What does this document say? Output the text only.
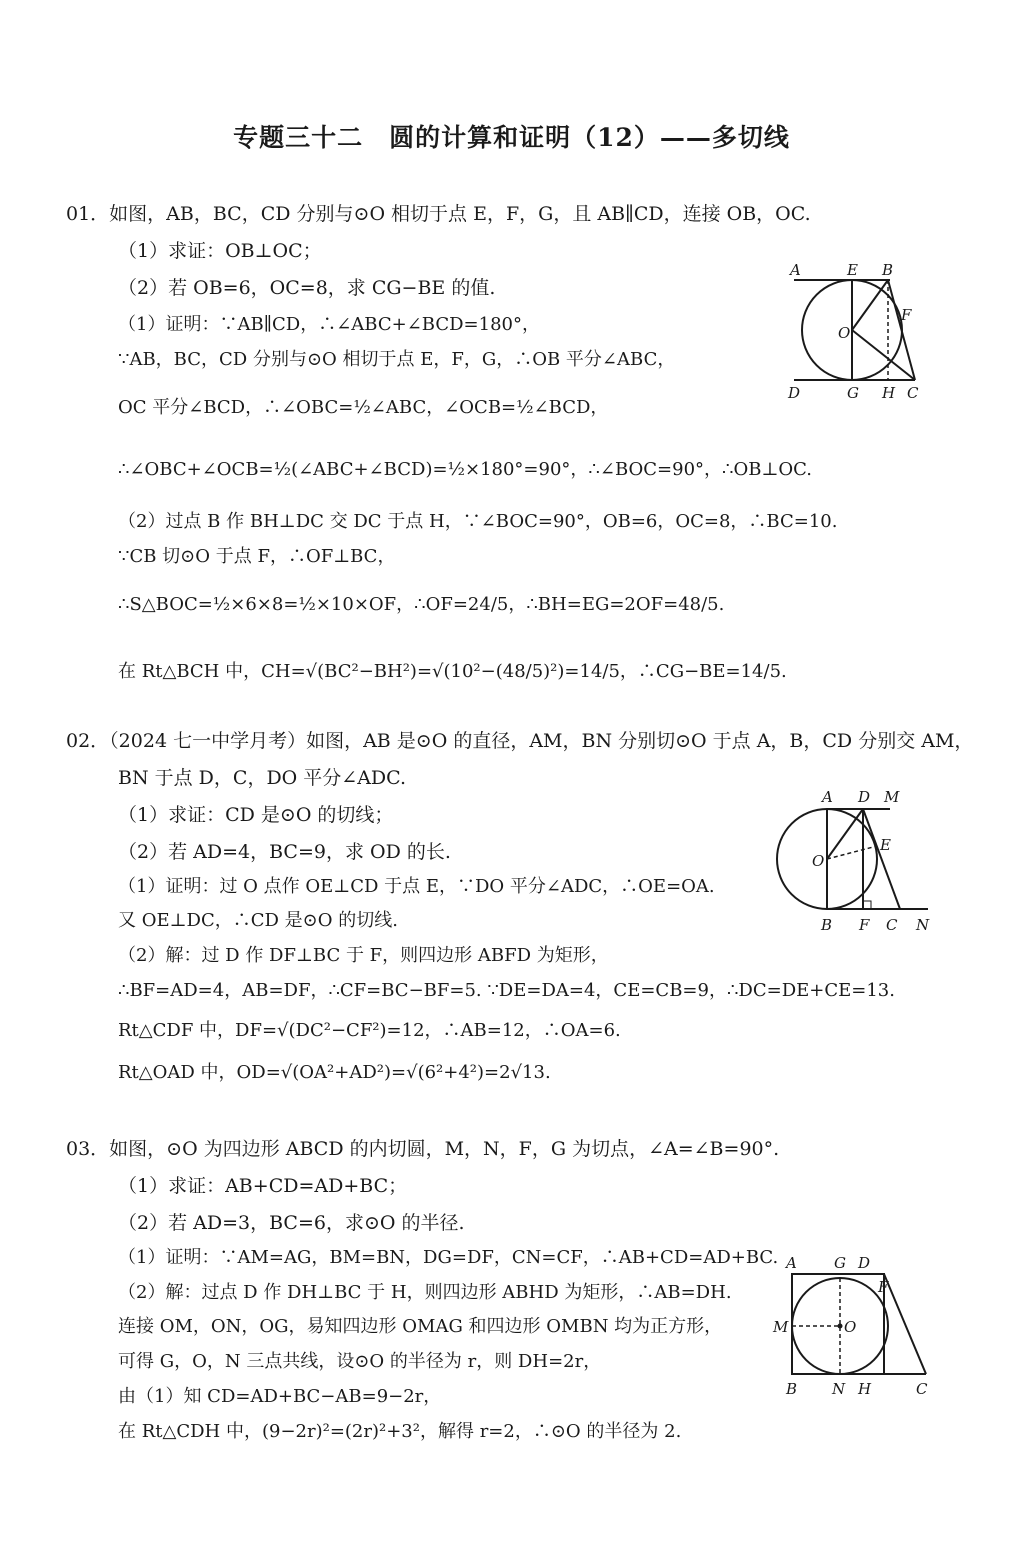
专题三十二　圆的计算和证明（12）——多切线
01．如图，AB，BC，CD 分别与⊙O 相切于点 E，F，G，且 AB∥CD，连接 OB，OC.
（1）求证：OB⊥OC；
（2）若 OB=6，OC=8，求 CG−BE 的值.
（1）证明：∵AB∥CD，∴∠ABC+∠BCD=180°，
∵AB，BC，CD 分别与⊙O 相切于点 E，F，G，∴OB 平分∠ABC，
OC 平分∠BCD，∴∠OBC=½∠ABC，∠OCB=½∠BCD，
∴∠OBC+∠OCB=½(∠ABC+∠BCD)=½×180°=90°，∴∠BOC=90°，∴OB⊥OC.
（2）过点 B 作 BH⊥DC 交 DC 于点 H，∵∠BOC=90°，OB=6，OC=8，∴BC=10.
∵CB 切⊙O 于点 F，∴OF⊥BC，
∴S△BOC=½×6×8=½×10×OF，∴OF=24/5，∴BH=EG=2OF=48/5.
在 Rt△BCH 中，CH=√(BC²−BH²)=√(10²−(48/5)²)=14/5，∴CG−BE=14/5.
A	E B
F
O
D	G H C
02．（2024 七一中学月考）如图，AB 是⊙O 的直径，AM，BN 分别切⊙O 于点 A，B，CD 分别交 AM，
BN 于点 D，C，DO 平分∠ADC.
（1）求证：CD 是⊙O 的切线；
（2）若 AD=4，BC=9，求 OD 的长.
（1）证明：过 O 点作 OE⊥CD 于点 E，∵DO 平分∠ADC，∴OE=OA.
又 OE⊥DC，∴CD 是⊙O 的切线.
（2）解：过 D 作 DF⊥BC 于 F，则四边形 ABFD 为矩形，
∴BF=AD=4，AB=DF，∴CF=BC−BF=5. ∵DE=DA=4，CE=CB=9，∴DC=DE+CE=13.
Rt△CDF 中，DF=√(DC²−CF²)=12，∴AB=12，∴OA=6.
Rt△OAD 中，OD=√(OA²+AD²)=√(6²+4²)=2√13.
A D M
O
E
B F C N
03．如图，⊙O 为四边形 ABCD 的内切圆，M，N，F，G 为切点，∠A=∠B=90°.
（1）求证：AB+CD=AD+BC；
（2）若 AD=3，BC=6，求⊙O 的半径.
（1）证明：∵AM=AG，BM=BN，DG=DF，CN=CF，∴AB+CD=AD+BC.
（2）解：过点 D 作 DH⊥BC 于 H，则四边形 ABHD 为矩形，∴AB=DH.
连接 OM，ON，OG，易知四边形 OMAG 和四边形 OMBN 均为正方形，
可得 G，O，N 三点共线，设⊙O 的半径为 r，则 DH=2r，
由（1）知 CD=AD+BC−AB=9−2r，
在 Rt△CDH 中，(9−2r)²=(2r)²+3²，解得 r=2，∴⊙O 的半径为 2.
A G D
F
M	O
B N H	C
